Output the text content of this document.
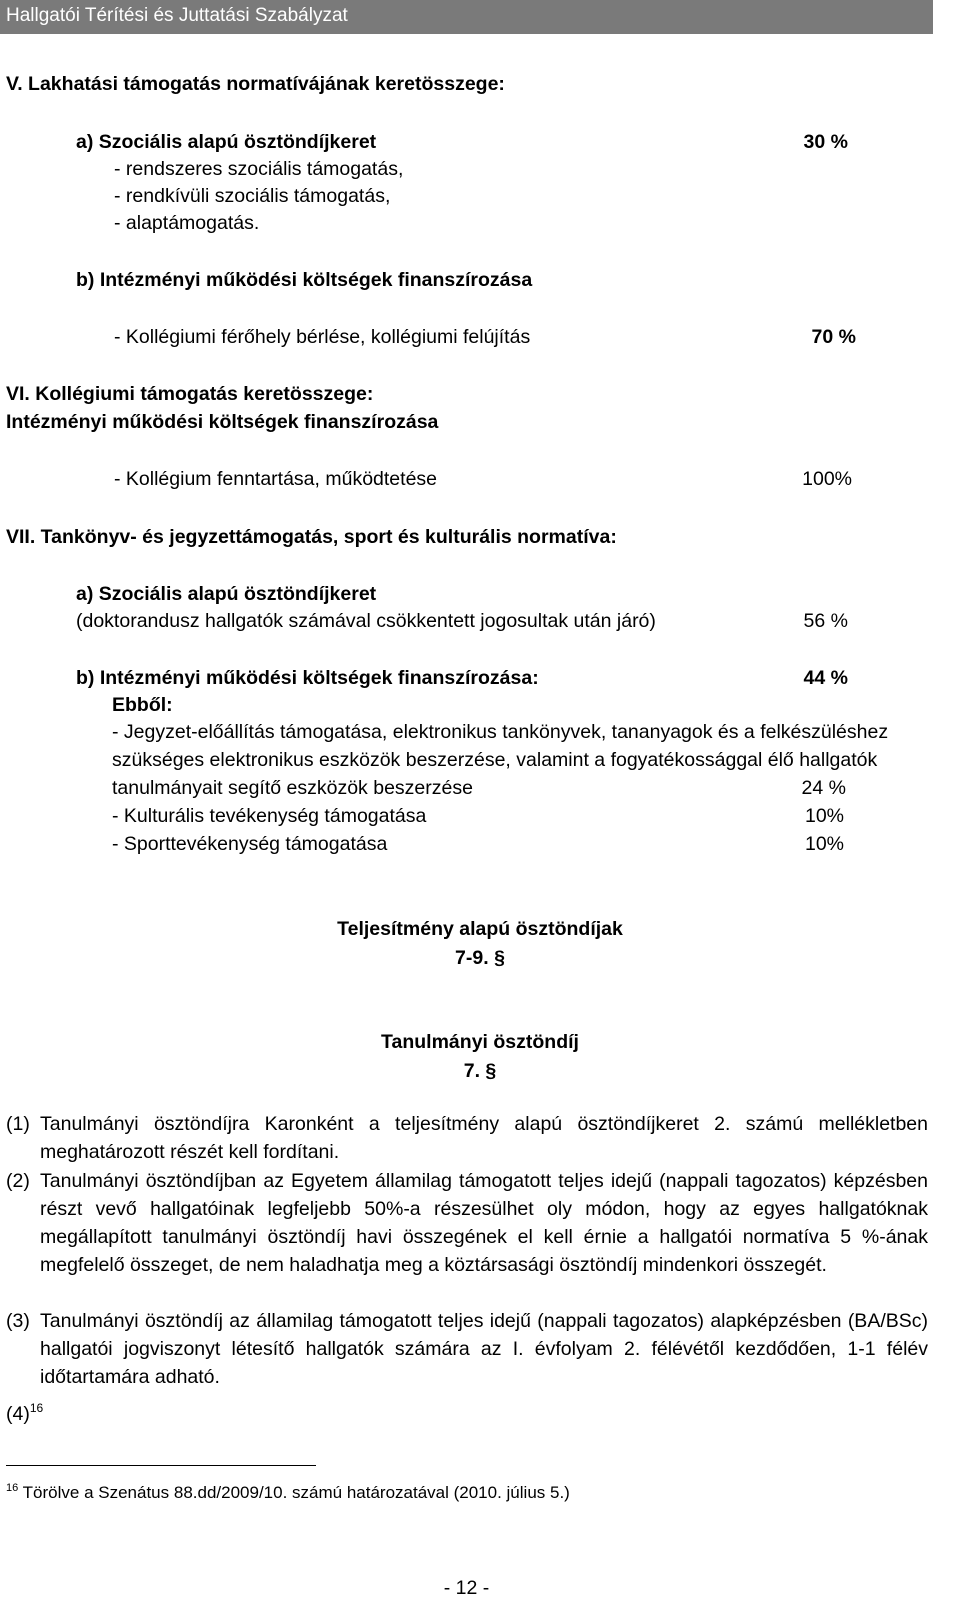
Hallgatói Térítési és Juttatási Szabályzat
V. Lakhatási támogatás normatívájának keretösszege:
a) Szociális alapú ösztöndíjkeret	30 %
- rendszeres szociális támogatás,
- rendkívüli szociális támogatás,
- alaptámogatás.
b) Intézményi működési költségek finanszírozása
- Kollégiumi férőhely bérlése, kollégiumi felújítás	70 %
VI. Kollégiumi támogatás keretösszege:
Intézményi működési költségek finanszírozása
- Kollégium fenntartása, működtetése	100%
VII. Tankönyv- és jegyzettámogatás, sport és kulturális normatíva:
a) Szociális alapú ösztöndíjkeret
(doktorandusz hallgatók számával csökkentett jogosultak után járó)	56 %
b) Intézményi működési költségek finanszírozása:	44 %
Ebből:
- Jegyzet-előállítás támogatása, elektronikus tankönyvek, tananyagok és a felkészüléshez
szükséges elektronikus eszközök beszerzése, valamint a fogyatékossággal élő hallgatók
tanulmányait segítő eszközök beszerzése	24 %
- Kulturális tevékenység támogatása	10%
- Sporttevékenység támogatása	10%
Teljesítmény alapú ösztöndíjak
7-9. §
Tanulmányi ösztöndíj
7. §
(1) Tanulmányi ösztöndíjra Karonként a teljesítmény alapú ösztöndíjkeret 2. számú mellékletben meghatározott részét kell fordítani.
(2) Tanulmányi ösztöndíjban az Egyetem államilag támogatott teljes idejű (nappali tagozatos) képzésben részt vevő hallgatóinak legfeljebb 50%-a részesülhet oly módon, hogy az egyes hallgatóknak megállapított tanulmányi ösztöndíj havi összegének el kell érnie a hallgatói normatíva 5 %-ának megfelelő összeget, de nem haladhatja meg a köztársasági ösztöndíj mindenkori összegét.
(3) Tanulmányi ösztöndíj az államilag támogatott teljes idejű (nappali tagozatos) alapképzésben (BA/BSc) hallgatói jogviszonyt létesítő hallgatók számára az I. évfolyam 2. félévétől kezdődően, 1-1 félév időtartamára adható.
$(4)^{16}$
$^{16}$ Törölve a Szenátus 88.dd/2009/10. számú határozatával (2010. július 5.)
- 12 -
